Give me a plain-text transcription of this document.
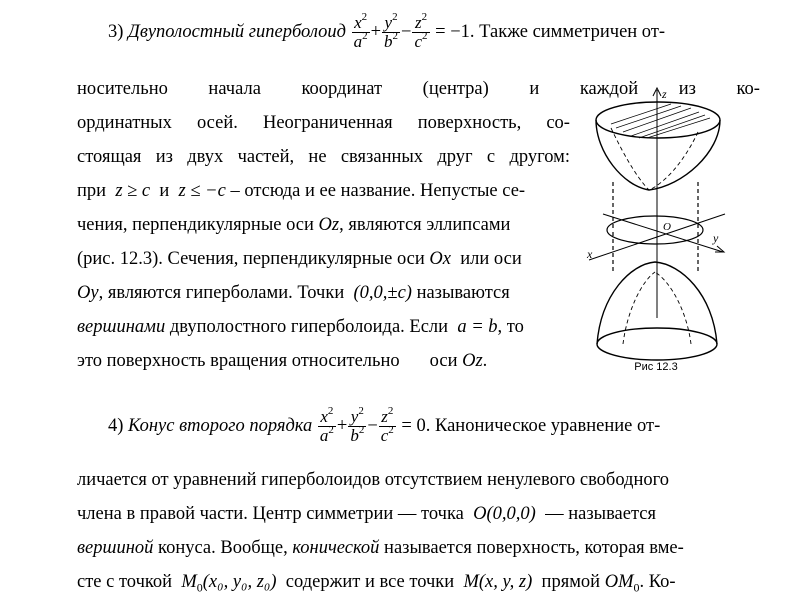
3)
Двуполостный гиперболоид
$\frac{x^2}{a^2} + \frac{y^2}{b^2} - \frac{z^2}{c^2}$
= −1 . Также симметричен от-
носительно начала координат (центра) и каждой из ко-
ординатных осей. Неограниченная поверхность, со-
стоящая из двух частей, не связанных друг с другом:
при z ≥ c и z ≤ −c – отсюда и ее название. Непустые се-
чения, перпендикулярные оси Oz, являются эллипсами
(рис. 12.3). Сечения, перпендикулярные оси Ox или оси
Oy, являются гиперболами. Точки (0,0,±c) называются
вершинами двуполостного гиперболоида. Если a = b, то
это поверхность вращения относительно оси Oz.
z
y
x
O
Рис 12.3
4)
Конус второго порядка
$\frac{x^2}{a^2} + \frac{y^2}{b^2} - \frac{z^2}{c^2}$
= 0 . Каноническое уравнение от-
личается от уравнений гиперболоидов отсутствием ненулевого свободного
члена в правой части. Центр симметрии — точка O(0,0,0) — называется
вершиной конуса. Вообще, конической называется поверхность, которая вме-
сте с точкой $M_0(x_0$, y₀, z₀) содержит и все точки M(x, y, z) прямой $OM_0$. Ко-
